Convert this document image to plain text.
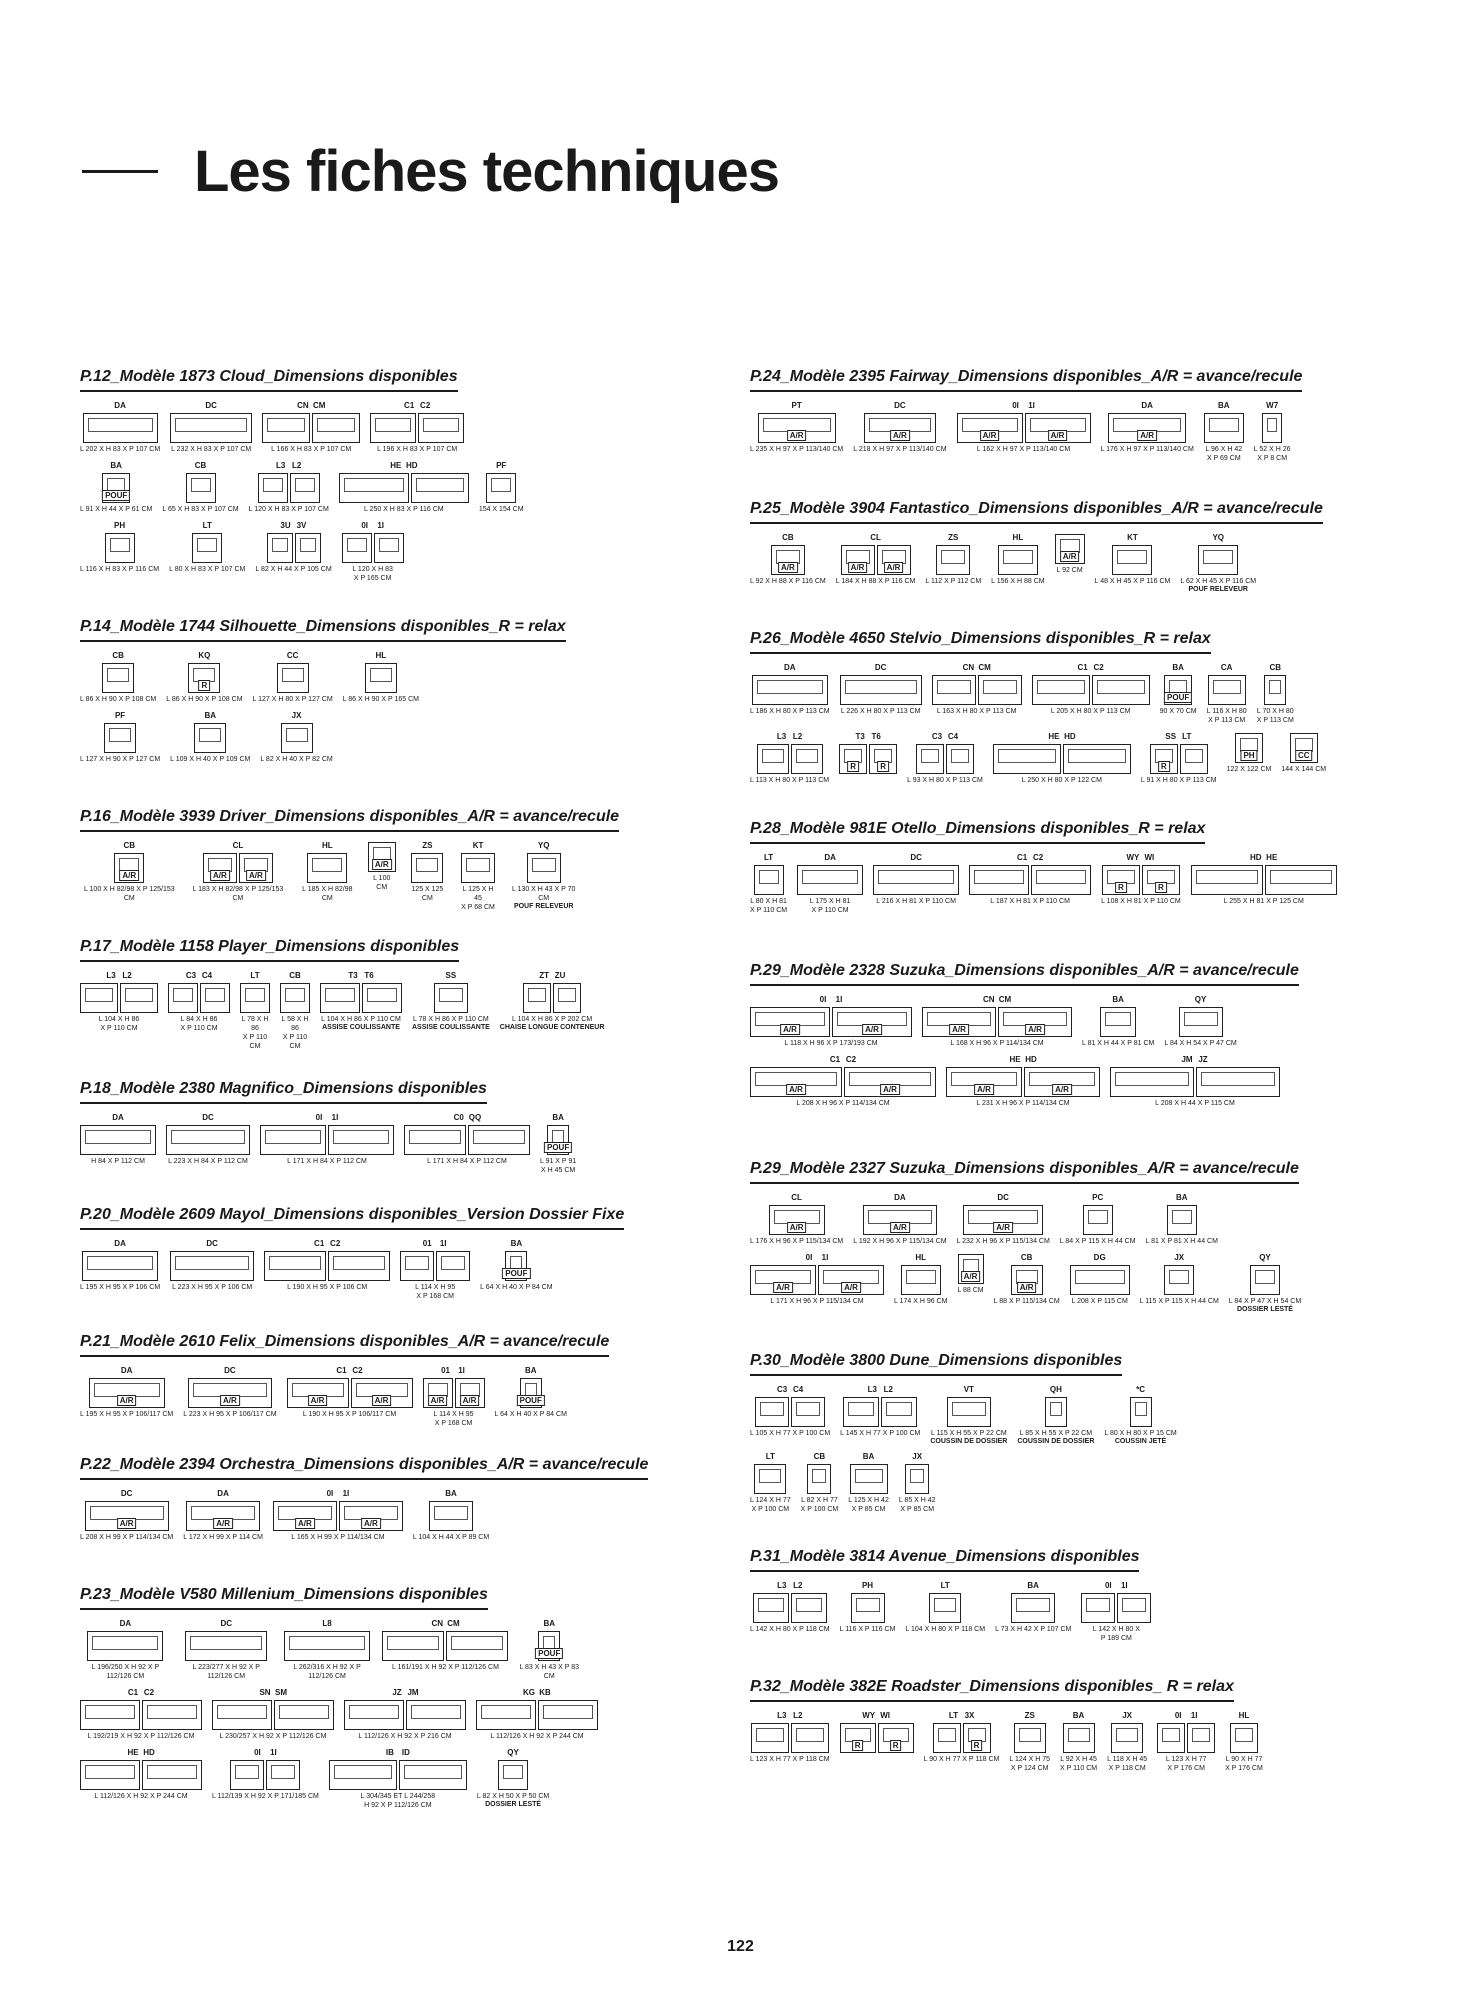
Les fiches techniques
P.12_Modèle 1873 Cloud_Dimensions disponibles
DA
L 202 X H 83 X P 107 CM
DC
L 232 X H 83 X P 107 CM
CN CM
L 166 X H 83 X P 107 CM
C1 C2
L 196 X H 83 X P 107 CM
BA
POUF
L 91 X H 44 X P 61 CM
CB
L 65 X H 83 X P 107 CM
L3 L2
L 120 X H 83 X P 107 CM
HE HD
L 250 X H 83 X P 116 CM
PF
154 X 154 CM
PH
L 116 X H 83 X P 116 CM
LT
L 80 X H 83 X P 107 CM
3U 3V
L 82 X H 44 X P 105 CM
0I	1I
L 120 X H 83
X P 165 CM
P.14_Modèle 1744 Silhouette_Dimensions disponibles_R = relax
CB
L 86 X H 90 X P 108 CM
KQ
R
L 86 X H 90 X P 108 CM
CC
L 127 X H 80 X P 127 CM
HL
L 86 X H 90 X P 165 CM
PF
L 127 X H 90 X P 127 CM
BA
L 109 X H 40 X P 109 CM
JX
L 82 X H 40 X P 82 CM
P.16_Modèle 3939 Driver_Dimensions disponibles_A/R = avance/recule
CB
A/R
L 100 X H 82/98 X P 125/153 CM
CL
A/R	A/R
L 183 X H 82/98 X P 125/153 CM
HL
L 185 X H 82/98 CM
A/R
L 100 CM
ZS
125 X 125 CM
KT
L 125 X H 45
X P 68 CM
YQ
L 130 X H 43 X P 70 CM
POUF RELEVEUR
P.17_Modèle 1158 Player_Dimensions disponibles
L3 L2
L 104 X H 86
X P 110 CM
C3 C4
L 84 X H 86
X P 110 CM
LT
L 78 X H 86
X P 110 CM
CB
L 58 X H 86
X P 110 CM
T3 T6
L 104 X H 86 X P 110 CM
ASSISE COULISSANTE
SS
L 78 X H 86 X P 110 CM
ASSISE COULISSANTE
ZT ZU
L 104 X H 86 X P 202 CM
CHAISE LONGUE CONTENEUR
P.18_Modèle 2380 Magnifico_Dimensions disponibles
DA
H 84 X P 112 CM
DC
L 223 X H 84 X P 112 CM
0I	1I
L 171 X H 84 X P 112 CM
C0 QQ
L 171 X H 84 X P 112 CM
BA
POUF
L 91 X P 91
X H 45 CM
P.20_Modèle 2609 Mayol_Dimensions disponibles_Version Dossier Fixe
DA
L 195 X H 95 X P 106 CM
DC
L 223 X H 95 X P 106 CM
C1 C2
L 190 X H 95 X P 106 CM
01	1I
L 114 X H 95
X P 168 CM
BA
POUF
L 64 X H 40 X P 84 CM
P.21_Modèle 2610 Felix_Dimensions disponibles_A/R = avance/recule
DA
A/R
L 195 X H 95 X P 106/117 CM
DC
A/R
L 223 X H 95 X P 106/117 CM
C1 C2
A/R	A/R
L 190 X H 95 X P 106/117 CM
01	1I
A/R	A/R
L 114 X H 95
X P 168 CM
BA
POUF
L 64 X H 40 X P 84 CM
P.22_Modèle 2394 Orchestra_Dimensions disponibles_A/R = avance/recule
DC
A/R
L 208 X H 99 X P 114/134 CM
DA
A/R
L 172 X H 99 X P 114 CM
0I	1I
A/R	A/R
L 165 X H 99 X P 114/134 CM
BA
L 104 X H 44 X P 89 CM
P.23_Modèle V580 Millenium_Dimensions disponibles
DA
L 196/250 X H 92 X P 112/126 CM
DC
L 223/277 X H 92 X P 112/126 CM
L8
L 262/316 X H 92 X P 112/126 CM
CN CM
L 161/191 X H 92 X P 112/126 CM
BA
POUF
L 83 X H 43 X P 83 CM
C1 C2
L 192/219 X H 92 X P 112/126 CM
SN SM
L 230/257 X H 92 X P 112/126 CM
JZ JM
L 112/126 X H 92 X P 216 CM
KG KB
L 112/126 X H 92 X P 244 CM
HE HD
L 112/126 X H 92 X P 244 CM
0I	1I
L 112/139 X H 92 X P 171/185 CM
IB ID
L 304/345 ET L 244/258
H 92 X P 112/126 CM
QY
L 82 X H 50 X P 50 CM
DOSSIER LESTÉ
P.24_Modèle 2395 Fairway_Dimensions disponibles_A/R = avance/recule
PT
A/R
L 235 X H 97 X P 113/140 CM
DC
A/R
L 218 X H 97 X P 113/140 CM
0I	1I
A/R	A/R
L 162 X H 97 X P 113/140 CM
DA
A/R
L 176 X H 97 X P 113/140 CM
BA
L 96 X H 42
X P 69 CM
W7
L 52 X H 26
X P 8 CM
P.25_Modèle 3904 Fantastico_Dimensions disponibles_A/R = avance/recule
CB
A/R
L 92 X H 88 X P 116 CM
CL
A/R	A/R
L 184 X H 88 X P 116 CM
ZS
L 112 X P 112 CM
HL
L 156 X H 88 CM
A/R
L 92 CM
KT
L 48 X H 45 X P 116 CM
YQ
L 62 X H 45 X P 116 CM
POUF RELEVEUR
P.26_Modèle 4650 Stelvio_Dimensions disponibles_R = relax
DA
L 186 X H 80 X P 113 CM
DC
L 226 X H 80 X P 113 CM
CN CM
L 163 X H 80 X P 113 CM
C1 C2
L 205 X H 80 X P 113 CM
BA
POUF
90 X 70 CM
CA
L 116 X H 80
X P 113 CM
CB
L 70 X H 80
X P 113 CM
L3 L2
L 113 X H 80 X P 113 CM
T3 T6
R	R
C3 C4
L 93 X H 80 X P 113 CM
HE HD
L 250 X H 80 X P 122 CM
SS LT
R
L 91 X H 80 X P 113 CM
PH
122 X 122 CM
CC
144 X 144 CM
P.28_Modèle 981E Otello_Dimensions disponibles_R = relax
LT
L 80 X H 81
X P 110 CM
DA
L 175 X H 81
X P 110 CM
DC
L 216 X H 81 X P 110 CM
C1 C2
L 187 X H 81 X P 110 CM
WY WI
R	R
L 108 X H 81 X P 110 CM
HD HE
L 255 X H 81 X P 125 CM
P.29_Modèle 2328 Suzuka_Dimensions disponibles_A/R = avance/recule
0I	1I
A/R	A/R
L 118 X H 96 X P 173/193 CM
CN CM
A/R	A/R
L 168 X H 96 X P 114/134 CM
BA
L 81 X H 44 X P 81 CM
QY
L 84 X H 54 X P 47 CM
C1 C2
A/R	A/R
L 208 X H 96 X P 114/134 CM
HE HD
A/R	A/R
L 231 X H 96 X P 114/134 CM
JM JZ
L 208 X H 44 X P 115 CM
P.29_Modèle 2327 Suzuka_Dimensions disponibles_A/R = avance/recule
CL
A/R
L 176 X H 96 X P 115/134 CM
DA
A/R
L 192 X H 96 X P 115/134 CM
DC
A/R
L 232 X H 96 X P 115/134 CM
PC
L 84 X P 115 X H 44 CM
BA
L 81 X P 81 X H 44 CM
0I	1I
A/R	A/R
L 171 X H 96 X P 115/134 CM
HL
L 174 X H 96 CM
A/R
L 88 CM
CB
A/R
L 88 X P 115/134 CM
DG
L 208 X P 115 CM
JX
L 115 X P 115 X H 44 CM
QY
L 84 X P 47 X H 54 CM
DOSSIER LESTÉ
P.30_Modèle 3800 Dune_Dimensions disponibles
C3 C4
L 105 X H 77 X P 100 CM
L3 L2
L 145 X H 77 X P 100 CM
VT
L 115 X H 55 X P 22 CM
COUSSIN DE DOSSIER
QH
L 85 X H 55 X P 22 CM
COUSSIN DE DOSSIER
*C
L 80 X H 80 X P 15 CM
COUSSIN JETÉ
LT
L 124 X H 77
X P 100 CM
CB
L 82 X H 77
X P 100 CM
BA
L 125 X H 42
X P 85 CM
JX
L 85 X H 42
X P 85 CM
P.31_Modèle 3814 Avenue_Dimensions disponibles
L3 L2
L 142 X H 80 X P 118 CM
PH
L 116 X P 116 CM
LT
L 104 X H 80 X P 118 CM
BA
L 73 X H 42 X P 107 CM
0I	1I
L 142 X H 80 X
P 189 CM
P.32_Modèle 382E Roadster_Dimensions disponibles_ R = relax
L3 L2
L 123 X H 77 X P 118 CM
WY WI
R	R
LT 3X
R
L 90 X H 77 X P 118 CM
ZS
L 124 X H 75
X P 124 CM
BA
L 92 X H 45
X P 110 CM
JX
L 118 X H 45
X P 118 CM
0I	1I
L 123 X H 77
X P 176 CM
HL
L 90 X H 77
X P 176 CM
122
